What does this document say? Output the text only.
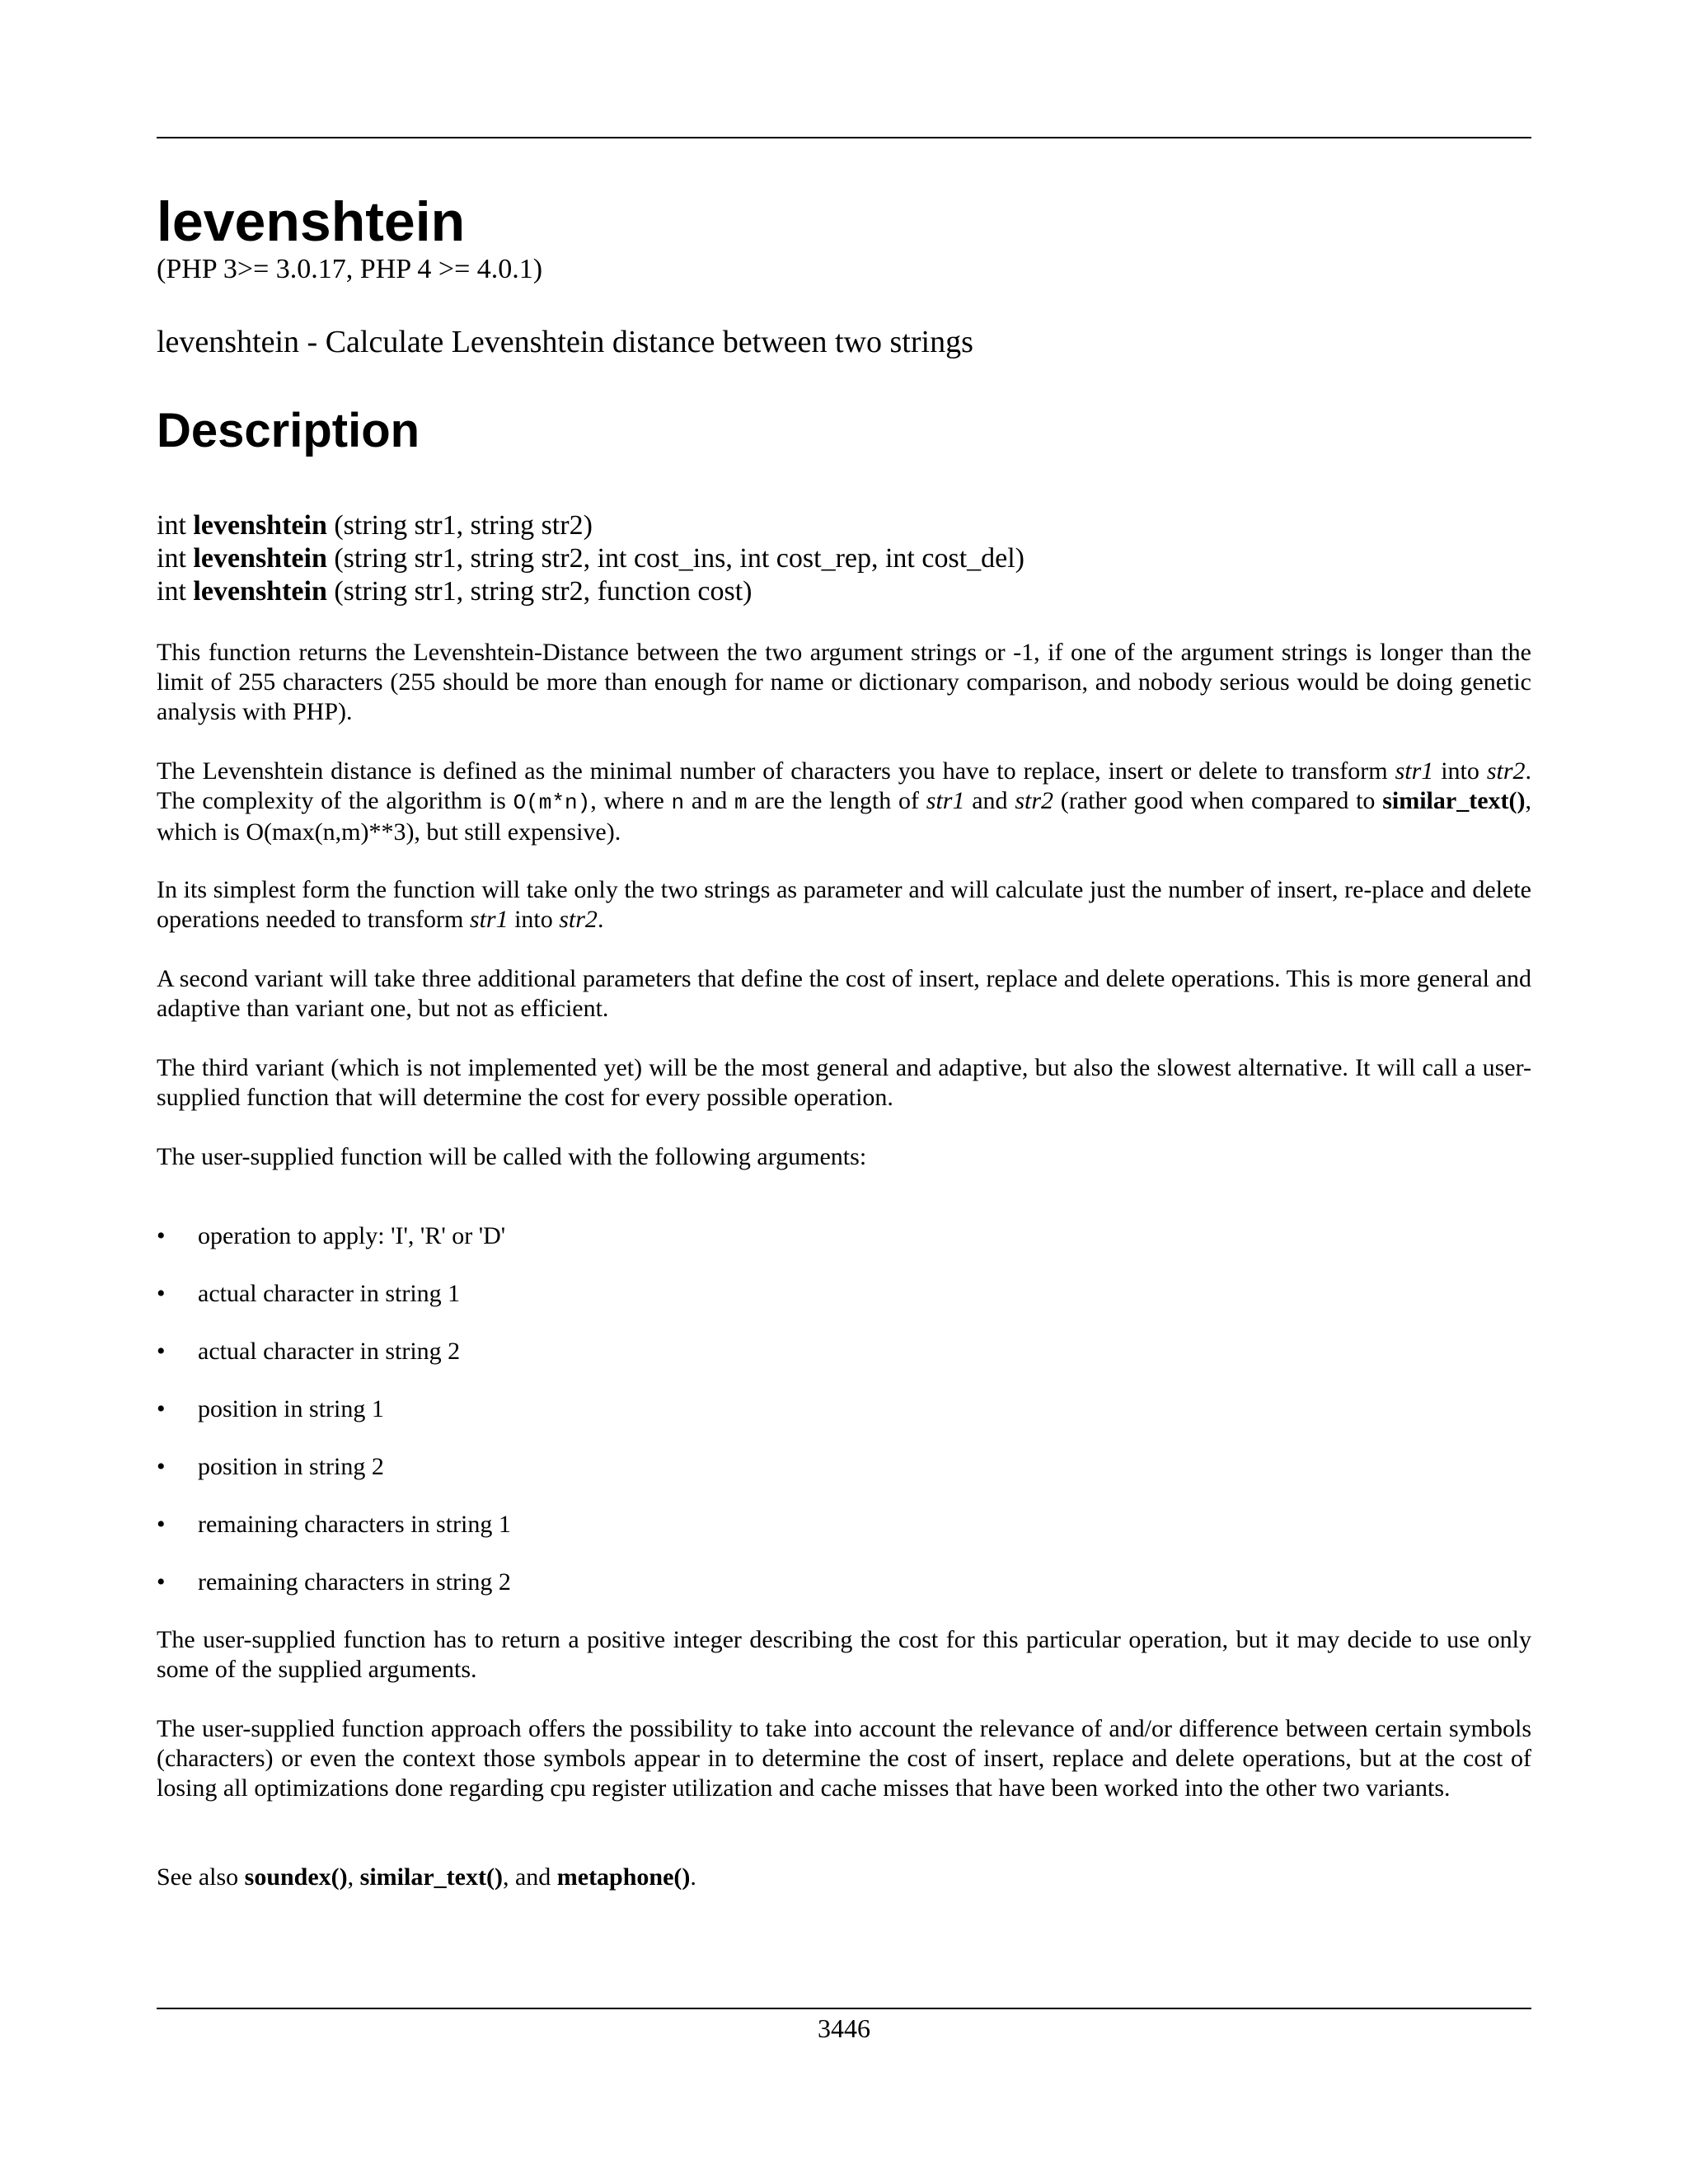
levenshtein
(PHP 3>= 3.0.17, PHP 4 >= 4.0.1)
levenshtein - Calculate Levenshtein distance between two strings
Description
int levenshtein (string str1, string str2)
int levenshtein (string str1, string str2, int cost_ins, int cost_rep, int cost_del)
int levenshtein (string str1, string str2, function cost)

This function returns the Levenshtein-Distance between the two argument strings or -1, if one of the argument strings is longer than the limit of 255 characters (255 should be more than enough for name or dictionary comparison, and nobody serious would be doing genetic analysis with PHP).

The Levenshtein distance is defined as the minimal number of characters you have to replace, insert or delete to transform str1 into str2. The complexity of the algorithm is O(m*n), where n and m are the length of str1 and str2 (rather good when compared to similar_text(), which is O(max(n,m)**3), but still expensive).

In its simplest form the function will take only the two strings as parameter and will calculate just the number of insert, re-place and delete operations needed to transform str1 into str2.

A second variant will take three additional parameters that define the cost of insert, replace and delete operations. This is more general and adaptive than variant one, but not as efficient.

The third variant (which is not implemented yet) will be the most general and adaptive, but also the slowest alternative. It will call a user-supplied function that will determine the cost for every possible operation.

The user-supplied function will be called with the following arguments:

• operation to apply: 'I', 'R' or 'D'
• actual character in string 1
• actual character in string 2
• position in string 1
• position in string 2
• remaining characters in string 1
• remaining characters in string 2

The user-supplied function has to return a positive integer describing the cost for this particular operation, but it may decide to use only some of the supplied arguments.

The user-supplied function approach offers the possibility to take into account the relevance of and/or difference between certain symbols (characters) or even the context those symbols appear in to determine the cost of insert, replace and delete operations, but at the cost of losing all optimizations done regarding cpu register utilization and cache misses that have been worked into the other two variants.

See also soundex(), similar_text(), and metaphone().

3446
